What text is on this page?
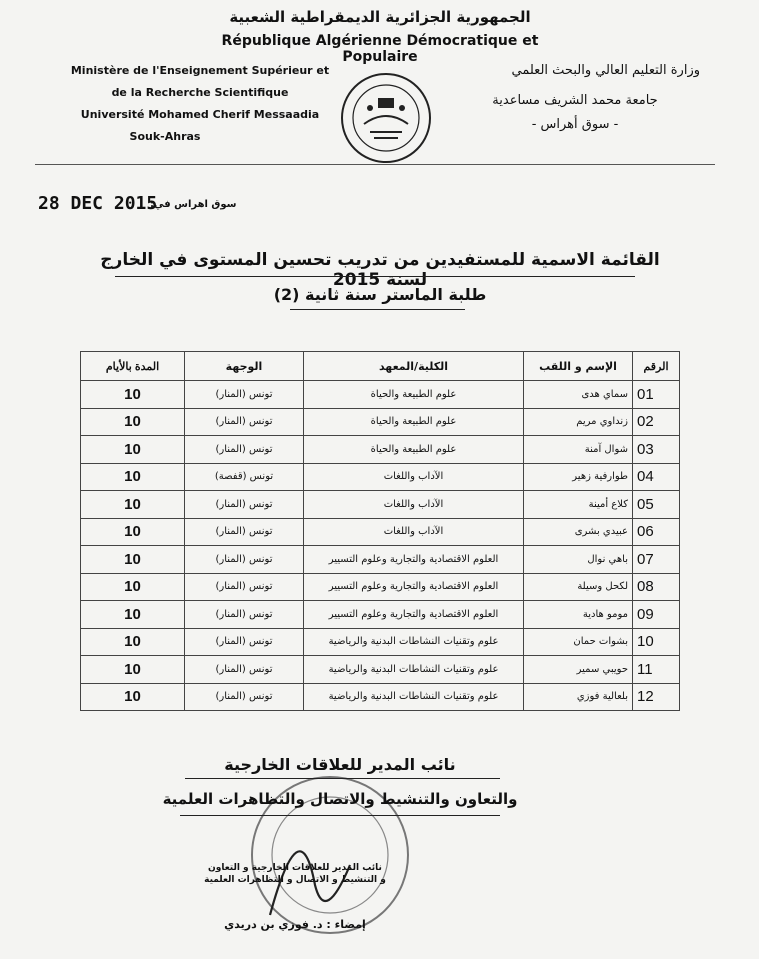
الجمهورية الجزائرية الديمقراطية الشعبية
République Algérienne Démocratique et Populaire
Ministère de l'Enseignement Supérieur et
de la Recherche Scientifique
Université Mohamed Cherif Messaadia
Souk-Ahras
وزارة التعليم العالي والبحث العلمي
جامعة محمد الشريف مساعدية
- سوق أهراس -
28 DEC 2015
سوق اهراس في:
القائمة الاسمية للمستفيدين من تدريب تحسين المستوى في الخارج لسنة 2015
طلبة الماستر سنة ثانية (2)
الرقم	الإسم و اللقب	الكلية/المعهد	الوجهة	المدة بالأيام
01	سماي هدى	علوم الطبيعة والحياة	تونس (المنار)	10
02	زنداوي مريم	علوم الطبيعة والحياة	تونس (المنار)	10
03	شوال آمنة	علوم الطبيعة والحياة	تونس (المنار)	10
04	طوارفية زهير	الآداب واللغات	تونس (قفصة)	10
05	كلاع أمينة	الآداب واللغات	تونس (المنار)	10
06	عبيدي بشرى	الآداب واللغات	تونس (المنار)	10
07	باهي نوال	العلوم الاقتصادية والتجارية وعلوم التسيير	تونس (المنار)	10
08	لكحل وسيلة	العلوم الاقتصادية والتجارية وعلوم التسيير	تونس (المنار)	10
09	مومو هادية	العلوم الاقتصادية والتجارية وعلوم التسيير	تونس (المنار)	10
10	بشوات حمان	علوم وتقنيات النشاطات البدنية والرياضية	تونس (المنار)	10
11	حويبي سمير	علوم وتقنيات النشاطات البدنية والرياضية	تونس (المنار)	10
12	بلعالية فوزي	علوم وتقنيات النشاطات البدنية والرياضية	تونس (المنار)	10
نائب المدير للعلاقات الخارجية
والتعاون والتنشيط والاتصال والتظاهرات العلمية
نائب المدير للعلاقات الخارجية و التعاون
و التنشيط و الاتصال و التظاهرات العلمية
إمضاء : د. فوزي بن دريدي
